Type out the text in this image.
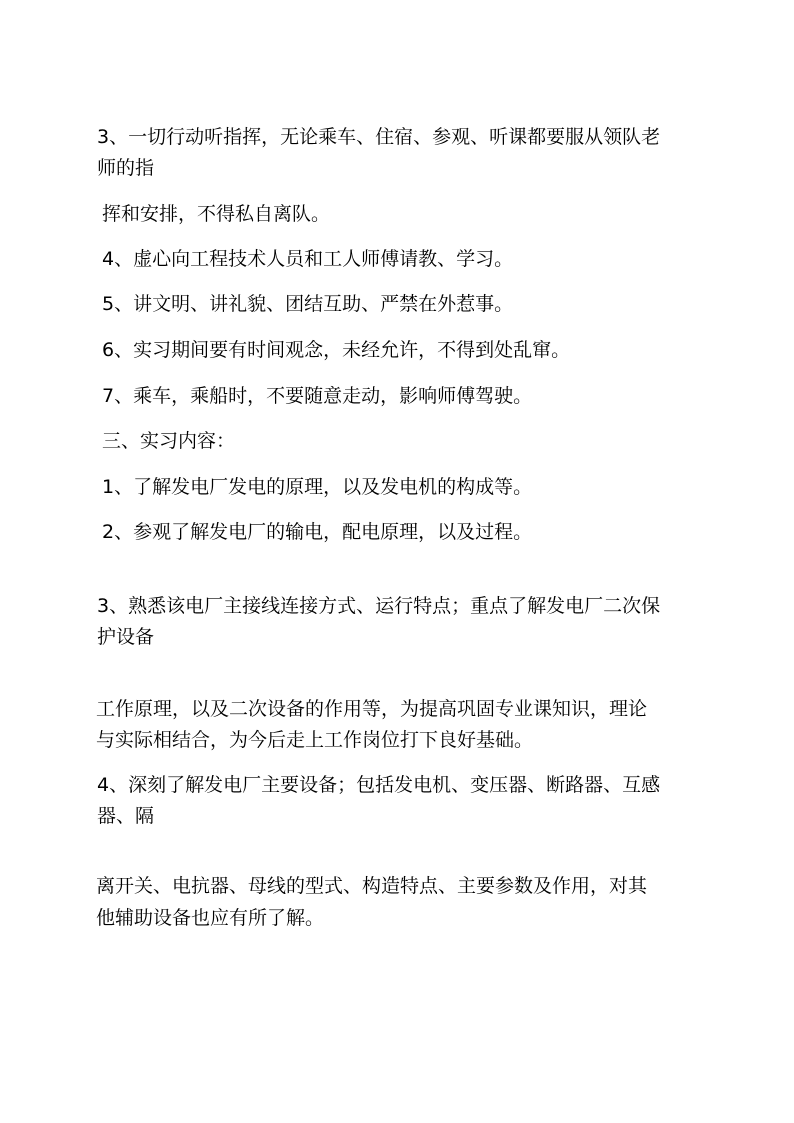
3、一切行动听指挥，无论乘车、住宿、参观、听课都要服从领队老
师的指
挥和安排，不得私自离队。
4、虚心向工程技术人员和工人师傅请教、学习。
5、讲文明、讲礼貌、团结互助、严禁在外惹事。
6、实习期间要有时间观念，未经允许，不得到处乱窜。
7、乘车，乘船时，不要随意走动，影响师傅驾驶。
三、实习内容：
1、了解发电厂发电的原理，以及发电机的构成等。
2、参观了解发电厂的输电，配电原理，以及过程。
3、熟悉该电厂主接线连接方式、运行特点；重点了解发电厂二次保
护设备
工作原理，以及二次设备的作用等，为提高巩固专业课知识，理论
与实际相结合，为今后走上工作岗位打下良好基础。
4、深刻了解发电厂主要设备；包括发电机、变压器、断路器、互感
器、隔
离开关、电抗器、母线的型式、构造特点、主要参数及作用，对其
他辅助设备也应有所了解。
